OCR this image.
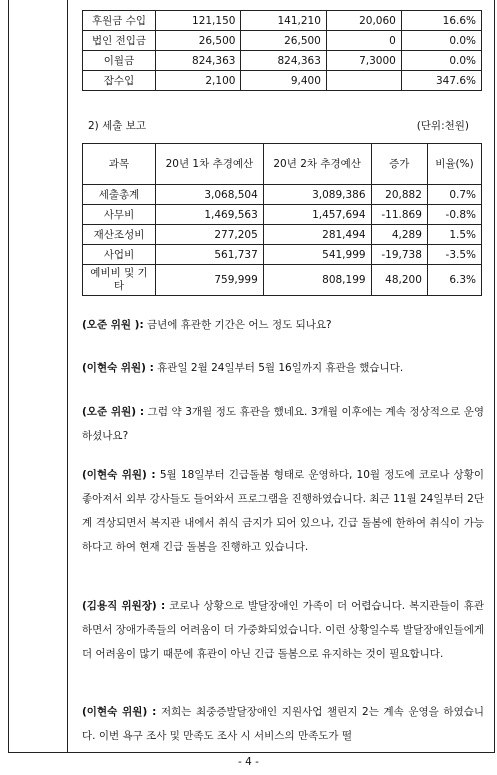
후원금 수입	121,150	141,210	20,060	16.6%
법인 전입금	26,500	26,500	0	0.0%
이월금	824,363	824,363	7,3000	0.0%
잡수입	2,100	9,400		347.6%
2) 세출 보고	(단위:천원)
과목	20년 1차 추경예산	20년 2차 추경예산	증가	비율(%)
세출총계	3,068,504	3,089,386	20,882	0.7%
사무비	1,469,563	1,457,694	-11.869	-0.8%
재산조성비	277,205	281,494	4,289	1.5%
사업비	561,737	541,999	-19,738	-3.5%
예비비 및 기타	759,999	808,199	48,200	6.3%
(오준 위원 ): 금년에 휴관한 기간은 어느 정도 되나요?
(이현숙 위원) : 휴관일 2월 24일부터 5월 16일까지 휴관을 했습니다.
(오준 위원) : 그럼 약 3개월 정도 휴관을 했네요. 3개월 이후에는 계속 정상적으로 운영하셨나요?
(이현숙 위원) : 5월 18일부터 긴급돌봄 형태로 운영하다, 10월 정도에 코로나 상황이 좋아져서 외부 강사들도 들어와서 프로그램을 진행하였습니다. 최근 11월 24일부터 2단계 격상되면서 복지관 내에서 취식 금지가 되어 있으나, 긴급 돌봄에 한하여 취식이 가능하다고 하여 현재 긴급 돌봄을 진행하고 있습니다.
(김용직 위원장) : 코로나 상황으로 발달장애인 가족이 더 어렵습니다. 복지관들이 휴관하면서 장애가족들의 어려움이 더 가중화되었습니다. 이런 상황일수록 발달장애인들에게 더 어려움이 많기 때문에 휴관이 아닌 긴급 돌봄으로 유지하는 것이 필요합니다.
(이현숙 위원) : 저희는 최중증발달장애인 지원사업 챌린지 2는 계속 운영을 하였습니다. 이번 욕구 조사 및 만족도 조사 시 서비스의 만족도가 떨
- 4 -
